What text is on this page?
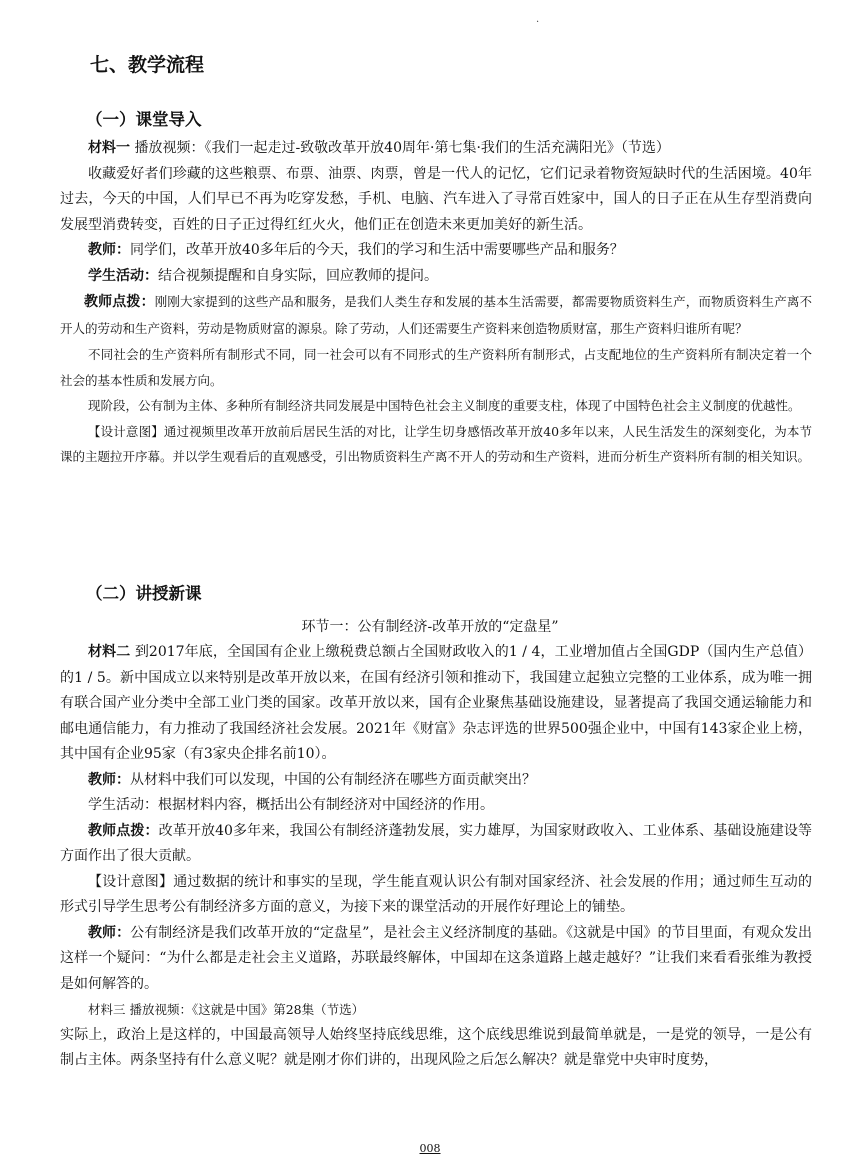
.
七、教学流程
（一）课堂导入
材料一 播放视频：《我们一起走过-致敬改革开放40周年·第七集·我们的生活充满阳光》（节选）
收藏爱好者们珍藏的这些粮票、布票、油票、肉票，曾是一代人的记忆，它们记录着物资短缺时代的生活困境。40年过去，今天的中国，人们早已不再为吃穿发愁，手机、电脑、汽车进入了寻常百姓家中，国人的日子正在从生存型消费向发展型消费转变，百姓的日子正过得红红火火，他们正在创造未来更加美好的新生活。
教师：同学们，改革开放40多年后的今天，我们的学习和生活中需要哪些产品和服务？
学生活动：结合视频提醒和自身实际，回应教师的提问。
教师点拨：刚刚大家提到的这些产品和服务，是我们人类生存和发展的基本生活需要，都需要物质资料生产，而物质资料生产离不开人的劳动和生产资料，劳动是物质财富的源泉。除了劳动，人们还需要生产资料来创造物质财富，那生产资料归谁所有呢？
不同社会的生产资料所有制形式不同，同一社会可以有不同形式的生产资料所有制形式，占支配地位的生产资料所有制决定着一个社会的基本性质和发展方向。
现阶段，公有制为主体、多种所有制经济共同发展是中国特色社会主义制度的重要支柱，体现了中国特色社会主义制度的优越性。
【设计意图】通过视频里改革开放前后居民生活的对比，让学生切身感悟改革开放40多年以来，人民生活发生的深刻变化，为本节课的主题拉开序幕。并以学生观看后的直观感受，引出物质资料生产离不开人的劳动和生产资料，进而分析生产资料所有制的相关知识。
（二）讲授新课
环节一：公有制经济-改革开放的“定盘星”
材料二 到2017年底，全国国有企业上缴税费总额占全国财政收入的1 / 4，工业增加值占全国GDP（国内生产总值）的1 / 5。新中国成立以来特别是改革开放以来，在国有经济引领和推动下，我国建立起独立完整的工业体系，成为唯一拥有联合国产业分类中全部工业门类的国家。改革开放以来，国有企业聚焦基础设施建设，显著提高了我国交通运输能力和邮电通信能力，有力推动了我国经济社会发展。2021年《财富》杂志评选的世界500强企业中，中国有143家企业上榜，其中国有企业95家（有3家央企排名前10）。
教师：从材料中我们可以发现，中国的公有制经济在哪些方面贡献突出？
学生活动：根据材料内容，概括出公有制经济对中国经济的作用。
教师点拨：改革开放40多年来，我国公有制经济蓬勃发展，实力雄厚，为国家财政收入、工业体系、基础设施建设等方面作出了很大贡献。
【设计意图】通过数据的统计和事实的呈现，学生能直观认识公有制对国家经济、社会发展的作用；通过师生互动的形式引导学生思考公有制经济多方面的意义，为接下来的课堂活动的开展作好理论上的铺垫。
教师：公有制经济是我们改革开放的“定盘星”，是社会主义经济制度的基础。《这就是中国》的节目里面，有观众发出这样一个疑问：“为什么都是走社会主义道路，苏联最终解体，中国却在这条道路上越走越好？”让我们来看看张维为教授是如何解答的。
材料三 播放视频：《这就是中国》第28集（节选）
实际上，政治上是这样的，中国最高领导人始终坚持底线思维，这个底线思维说到最简单就是，一是党的领导，一是公有制占主体。两条坚持有什么意义呢？就是刚才你们讲的，出现风险之后怎么解决？就是靠党中央审时度势，
008
